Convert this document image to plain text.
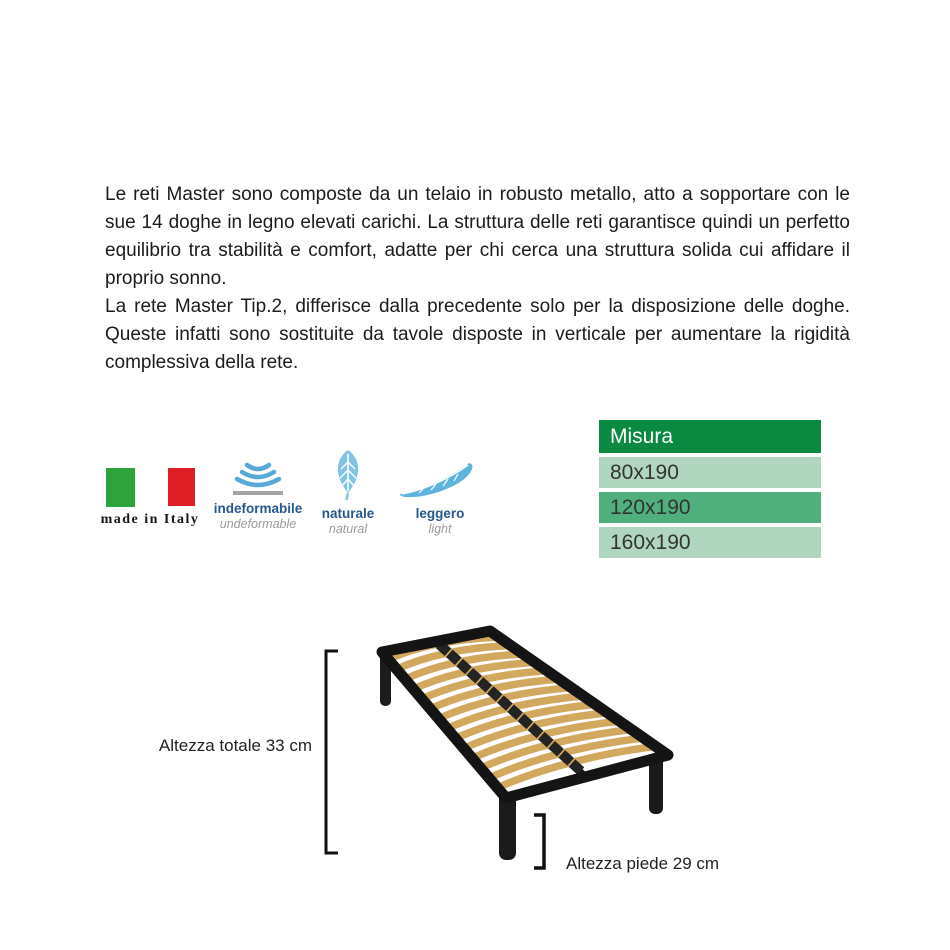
Le reti Master sono composte da un telaio in robusto metallo, atto a sopportare con le sue 14 doghe in legno elevati carichi. La struttura delle reti garantisce quindi un perfetto equilibrio tra stabilità e comfort, adatte per chi cerca una struttura solida cui affidare il proprio sonno.

La rete Master Tip.2, differisce dalla precedente solo per la disposizione delle doghe. Queste infatti sono sostituite da tavole disposte in verticale per aumentare la rigidità complessiva della rete.

made in Italy
indeformabile
undeformable
naturale
natural
leggero
light
Misura
80x190
120x190
160x190
Altezza totale 33 cm
Altezza piede 29 cm
